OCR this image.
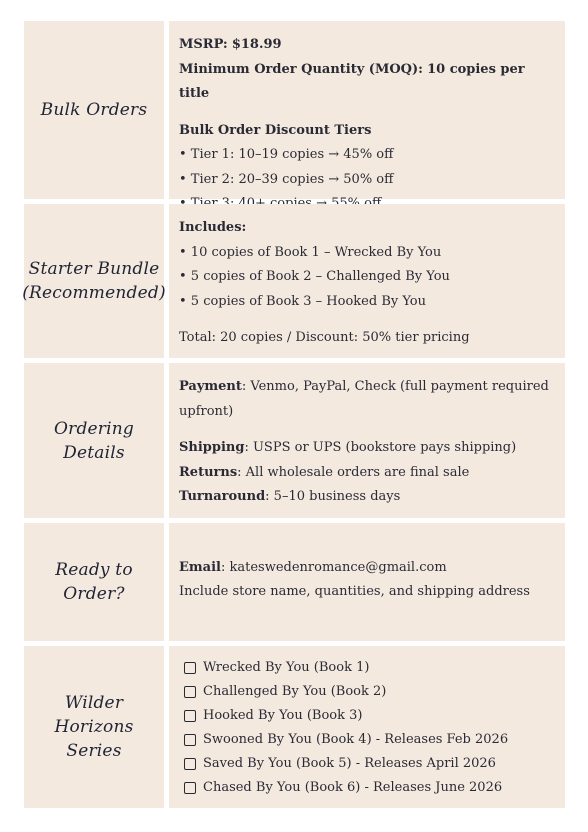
Bulk Orders
MSRP: $18.99
Minimum Order Quantity (MOQ): 10 copies per title
Bulk Order Discount Tiers
• Tier 1: 10–19 copies → 45% off
• Tier 2: 20–39 copies → 50% off
Starter Bundle
(Recommended)
Includes:
• 10 copies of Book 1 – Wrecked By You
• 5 copies of Book 2 – Challenged By You
• 5 copies of Book 3 – Hooked By You
Total: 20 copies / Discount: 50% tier pricing
Ordering Details
Payment: Venmo, PayPal, Check (full payment required upfront)
Shipping: USPS or UPS (bookstore pays shipping)
Returns: All wholesale orders are final sale
Turnaround: 5–10 business days
Ready to Order?
Email: kateswedenromance@gmail.com
Include store name, quantities, and shipping address
Wilder Horizons
Series
Wrecked By You (Book 1)
Challenged By You (Book 2)
Hooked By You (Book 3)
Swooned By You (Book 4) - Releases Feb 2026
Saved By You (Book 5) - Releases April 2026
Chased By You (Book 6) - Releases June 2026
